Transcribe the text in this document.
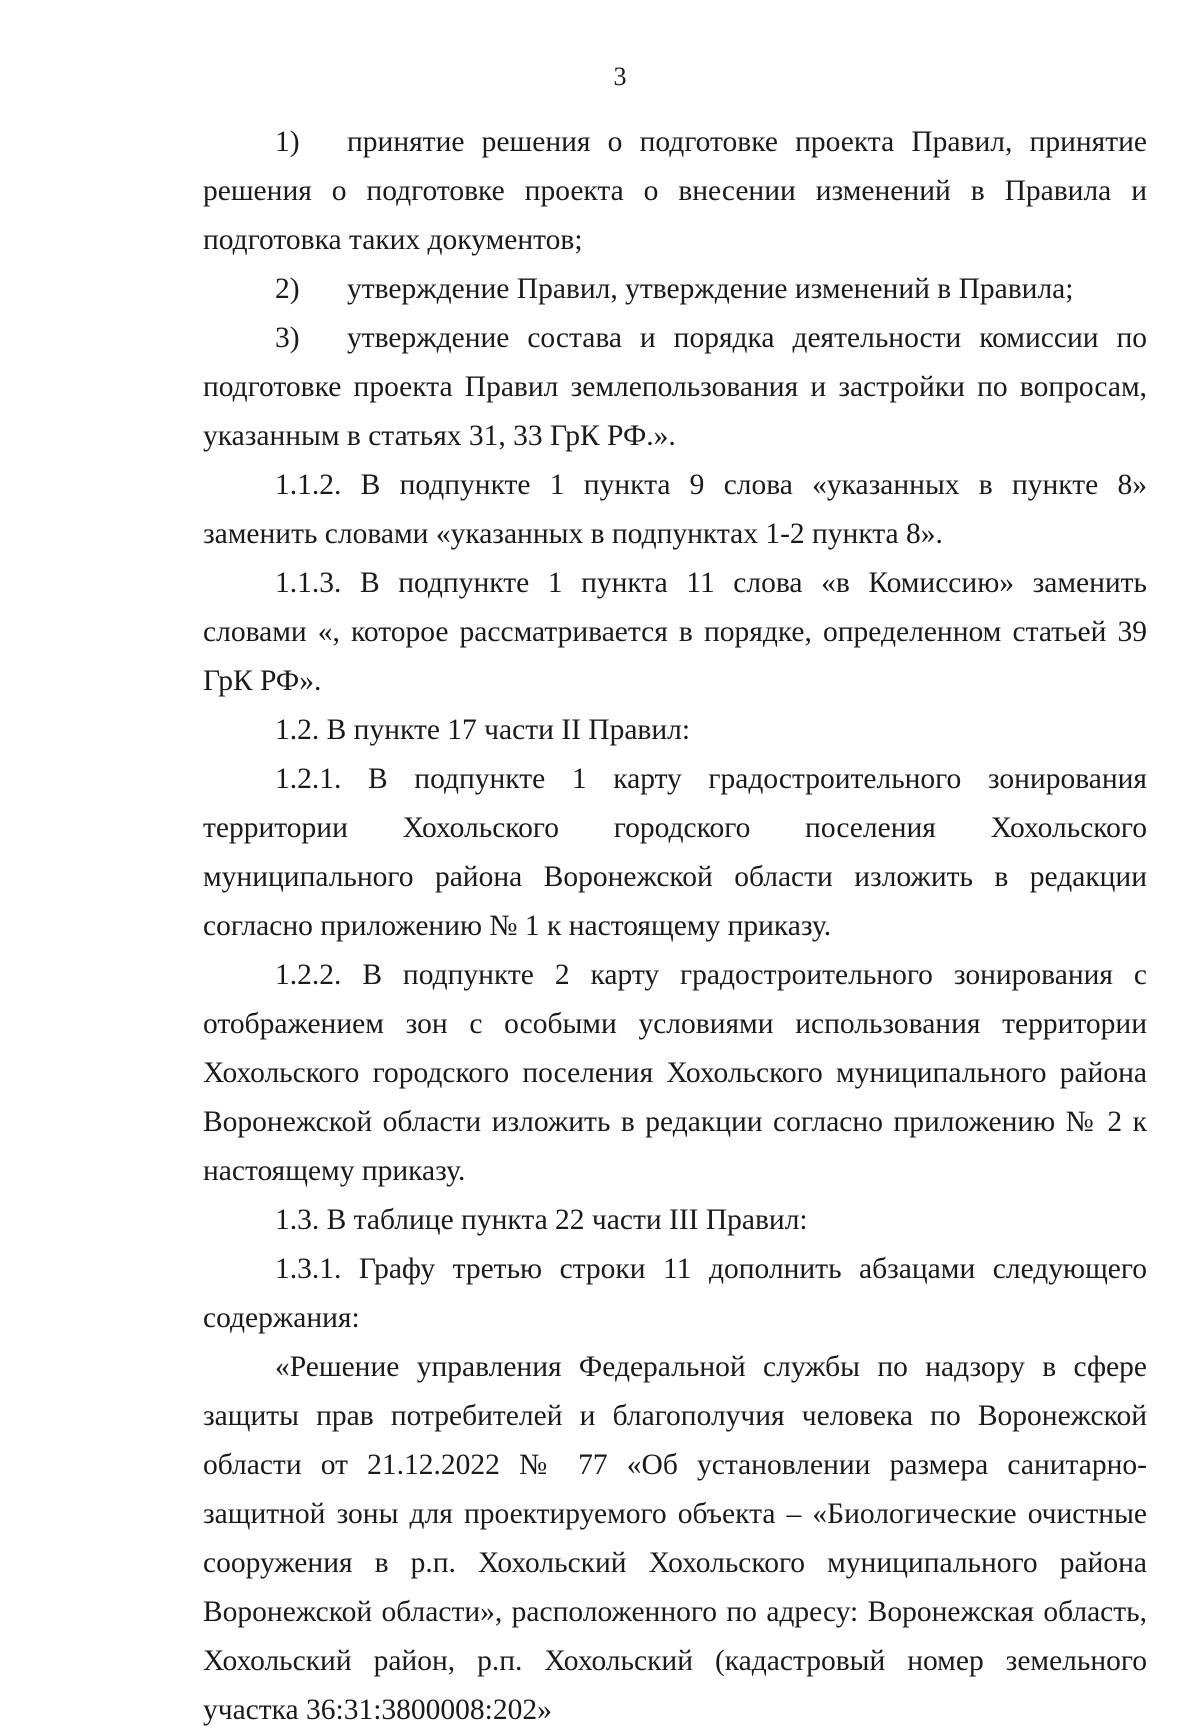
3

1)	принятие решения о подготовке проекта Правил, принятие

решения о подготовке проекта о внесении изменений в Правила и подготовка таких документов;

2)	утверждение Правил, утверждение изменений в Правила;

3)	утверждение состава и порядка деятельности комиссии по

подготовке проекта Правил землепользования и застройки по вопросам, указанным в статьях 31, 33 ГрК РФ.».

1.1.2. В подпункте 1 пункта 9 слова «указанных в пункте 8» заменить словами «указанных в подпунктах 1-2 пункта 8».

1.1.3. В подпункте 1 пункта 11 слова «в Комиссию» заменить словами «, которое рассматривается в порядке, определенном статьей 39 ГрК РФ».

1.2. В пункте 17 части II Правил:

1.2.1. В подпункте 1 карту градостроительного зонирования территории Хохольского городского поселения Хохольского муниципального района Воронежской области изложить в редакции согласно приложению № 1 к настоящему приказу.

1.2.2. В подпункте 2 карту градостроительного зонирования с отображением зон с особыми условиями использования территории Хохольского городского поселения Хохольского муниципального района Воронежской области изложить в редакции согласно приложению № 2 к настоящему приказу.

1.3. В таблице пункта 22 части III Правил:

1.3.1. Графу третью строки 11 дополнить абзацами следующего содержания:

«Решение управления Федеральной службы по надзору в сфере защиты прав потребителей и благополучия человека по Воронежской области от 21.12.2022 № 77 «Об установлении размера санитарно-защитной зоны для проектируемого объекта – «Биологические очистные сооружения в р.п. Хохольский Хохольского муниципального района Воронежской области», расположенного по адресу: Воронежская область, Хохольский район, р.п. Хохольский (кадастровый номер земельного участка 36:31:3800008:202»
